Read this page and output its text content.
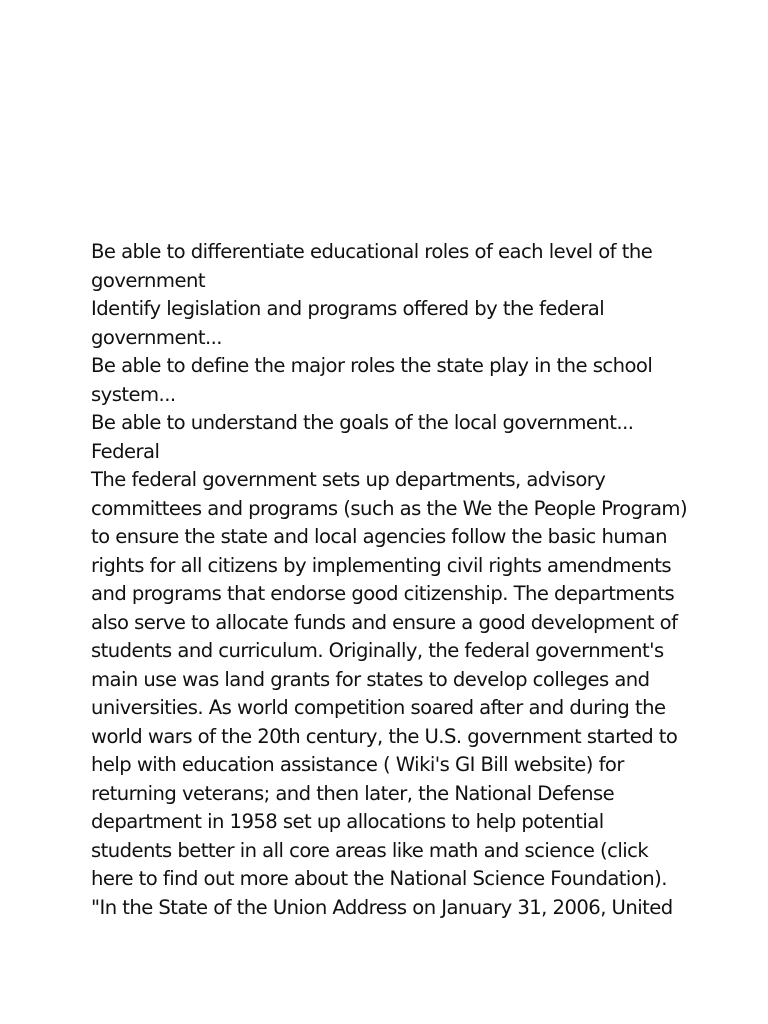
Be able to differentiate educational roles of each level of the
government
Identify legislation and programs offered by the federal
government...
Be able to define the major roles the state play in the school
system...
Be able to understand the goals of the local government...
Federal
The federal government sets up departments, advisory
committees and programs (such as the We the People Program)
to ensure the state and local agencies follow the basic human
rights for all citizens by implementing civil rights amendments
and programs that endorse good citizenship. The departments
also serve to allocate funds and ensure a good development of
students and curriculum. Originally, the federal government's
main use was land grants for states to develop colleges and
universities. As world competition soared after and during the
world wars of the 20th century, the U.S. government started to
help with education assistance ( Wiki's GI Bill website) for
returning veterans; and then later, the National Defense
department in 1958 set up allocations to help potential
students better in all core areas like math and science (click
here to find out more about the National Science Foundation).
"In the State of the Union Address on January 31, 2006, United
